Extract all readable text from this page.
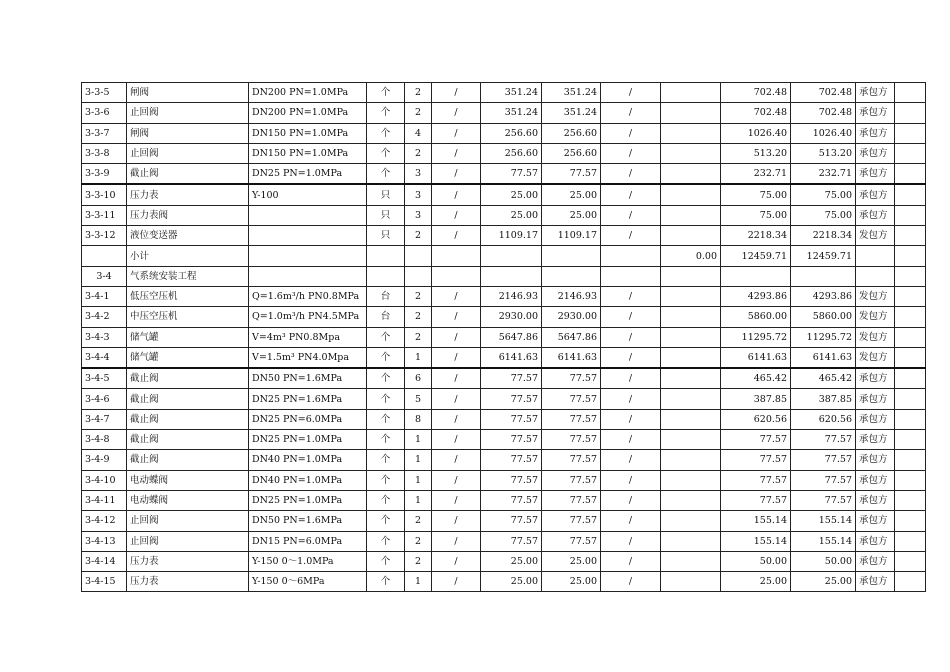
3-3-5	闸阀	DN200 PN=1.0MPa	个	2	/	351.24	351.24	/		702.48	702.48	承包方	
3-3-6	止回阀	DN200 PN=1.0MPa	个	2	/	351.24	351.24	/		702.48	702.48	承包方	
3-3-7	闸阀	DN150 PN=1.0MPa	个	4	/	256.60	256.60	/		1026.40	1026.40	承包方	
3-3-8	止回阀	DN150 PN=1.0MPa	个	2	/	256.60	256.60	/		513.20	513.20	承包方	
3-3-9	截止阀	DN25 PN=1.0MPa	个	3	/	77.57	77.57	/		232.71	232.71	承包方	
3-3-10	压力表	Y-100	只	3	/	25.00	25.00	/		75.00	75.00	承包方	
3-3-11	压力表阀		只	3	/	25.00	25.00	/		75.00	75.00	承包方	
3-3-12	液位变送器		只	2	/	1109.17	1109.17	/		2218.34	2218.34	发包方	
	小计								0.00	12459.71	12459.71		
3-4	气系统安装工程												
3-4-1	低压空压机	Q=1.6m³/h PN0.8MPa	台	2	/	2146.93	2146.93	/		4293.86	4293.86	发包方	
3-4-2	中压空压机	Q=1.0m³/h PN4.5MPa	台	2	/	2930.00	2930.00	/		5860.00	5860.00	发包方	
3-4-3	储气罐	V=4m³ PN0.8Mpa	个	2	/	5647.86	5647.86	/		11295.72	11295.72	发包方	
3-4-4	储气罐	V=1.5m³ PN4.0Mpa	个	1	/	6141.63	6141.63	/		6141.63	6141.63	发包方	
3-4-5	截止阀	DN50 PN=1.6MPa	个	6	/	77.57	77.57	/		465.42	465.42	承包方	
3-4-6	截止阀	DN25 PN=1.6MPa	个	5	/	77.57	77.57	/		387.85	387.85	承包方	
3-4-7	截止阀	DN25 PN=6.0MPa	个	8	/	77.57	77.57	/		620.56	620.56	承包方	
3-4-8	截止阀	DN25 PN=1.0MPa	个	1	/	77.57	77.57	/		77.57	77.57	承包方	
3-4-9	截止阀	DN40 PN=1.0MPa	个	1	/	77.57	77.57	/		77.57	77.57	承包方	
3-4-10	电动蝶阀	DN40 PN=1.0MPa	个	1	/	77.57	77.57	/		77.57	77.57	承包方	
3-4-11	电动蝶阀	DN25 PN=1.0MPa	个	1	/	77.57	77.57	/		77.57	77.57	承包方	
3-4-12	止回阀	DN50 PN=1.6MPa	个	2	/	77.57	77.57	/		155.14	155.14	承包方	
3-4-13	止回阀	DN15 PN=6.0MPa	个	2	/	77.57	77.57	/		155.14	155.14	承包方	
3-4-14	压力表	Y-150 0～1.0MPa	个	2	/	25.00	25.00	/		50.00	50.00	承包方	
3-4-15	压力表	Y-150 0～6MPa	个	1	/	25.00	25.00	/		25.00	25.00	承包方	
